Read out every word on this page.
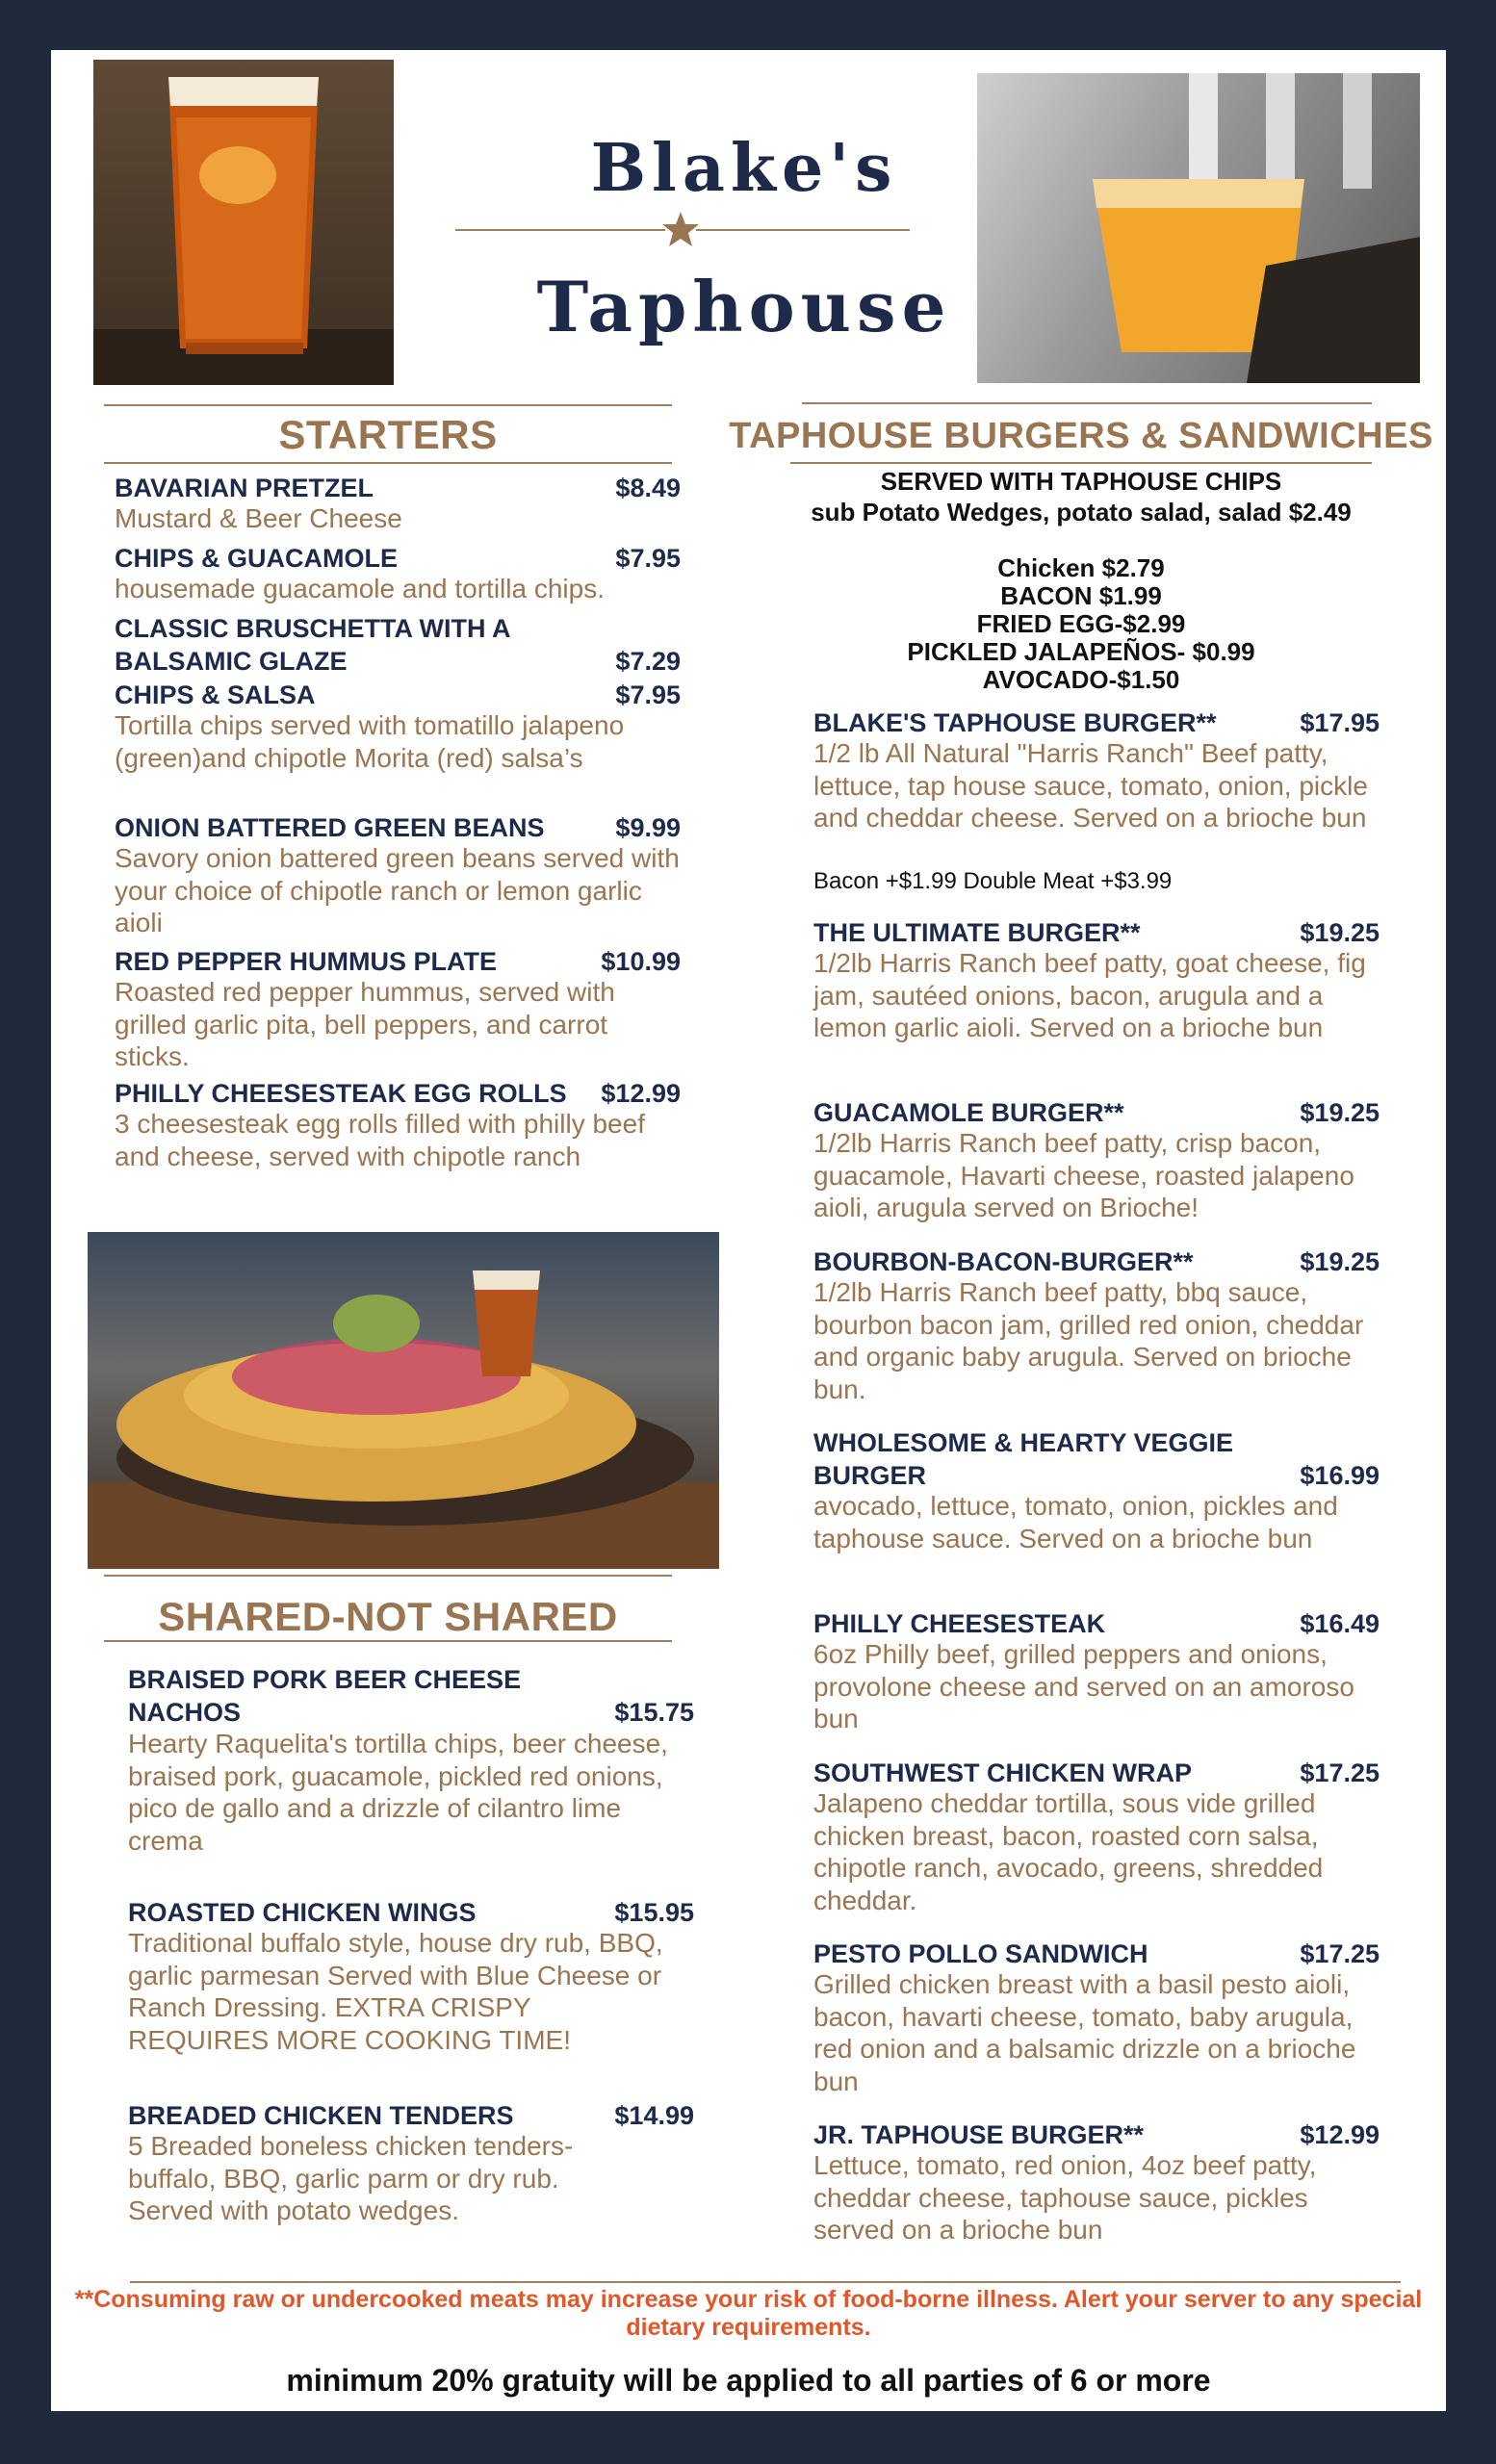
Blake's
Taphouse
STARTERS
BAVARIAN PRETZEL	$8.49
Mustard & Beer Cheese
CHIPS & GUACAMOLE	$7.95
housemade guacamole and tortilla chips.
CLASSIC BRUSCHETTA WITH A
BALSAMIC GLAZE	$7.29
CHIPS & SALSA	$7.95
Tortilla chips served with tomatillo jalapeno (green)and chipotle Morita (red) salsa’s
ONION BATTERED GREEN BEANS	$9.99
Savory onion battered green beans served with your choice of chipotle ranch or lemon garlic aioli
RED PEPPER HUMMUS PLATE	$10.99
Roasted red pepper hummus, served with grilled garlic pita, bell peppers, and carrot sticks.
PHILLY CHEESESTEAK EGG ROLLS	$12.99
3 cheesesteak egg rolls filled with philly beef and cheese, served with chipotle ranch
SHARED-NOT SHARED
BRAISED PORK BEER CHEESE
NACHOS	$15.75
Hearty Raquelita's tortilla chips, beer cheese, braised pork, guacamole, pickled red onions, pico de gallo and a drizzle of cilantro lime crema
ROASTED CHICKEN WINGS	$15.95
Traditional buffalo style, house dry rub, BBQ, garlic parmesan Served with Blue Cheese or Ranch Dressing. EXTRA CRISPY REQUIRES MORE COOKING TIME!
BREADED CHICKEN TENDERS	$14.99
5 Breaded boneless chicken tenders- buffalo, BBQ, garlic parm or dry rub. Served with potato wedges.
TAPHOUSE BURGERS & SANDWICHES
SERVED WITH TAPHOUSE CHIPS
sub Potato Wedges, potato salad, salad $2.49
Chicken $2.79
BACON $1.99
FRIED EGG-$2.99
PICKLED JALAPEÑOS- $0.99
AVOCADO-$1.50
BLAKE'S TAPHOUSE BURGER**	$17.95
1/2 lb All Natural "Harris Ranch" Beef patty, lettuce, tap house sauce, tomato, onion, pickle and cheddar cheese. Served on a brioche bun
Bacon +$1.99 Double Meat +$3.99
THE ULTIMATE BURGER**	$19.25
1/2lb Harris Ranch beef patty, goat cheese, fig jam, sautéed onions, bacon, arugula and a lemon garlic aioli. Served on a brioche bun
GUACAMOLE BURGER**	$19.25
1/2lb Harris Ranch beef patty, crisp bacon, guacamole, Havarti cheese, roasted jalapeno aioli, arugula served on Brioche!
BOURBON-BACON-BURGER**	$19.25
1/2lb Harris Ranch beef patty, bbq sauce, bourbon bacon jam, grilled red onion, cheddar and organic baby arugula. Served on brioche bun.
WHOLESOME & HEARTY VEGGIE
BURGER	$16.99
avocado, lettuce, tomato, onion, pickles and taphouse sauce. Served on a brioche bun
PHILLY CHEESESTEAK	$16.49
6oz Philly beef, grilled peppers and onions, provolone cheese and served on an amoroso bun
SOUTHWEST CHICKEN WRAP	$17.25
Jalapeno cheddar tortilla, sous vide grilled chicken breast, bacon, roasted corn salsa, chipotle ranch, avocado, greens, shredded cheddar.
PESTO POLLO SANDWICH	$17.25
Grilled chicken breast with a basil pesto aioli, bacon, havarti cheese, tomato, baby arugula, red onion and a balsamic drizzle on a brioche bun
JR. TAPHOUSE BURGER**	$12.99
Lettuce, tomato, red onion, 4oz beef patty, cheddar cheese, taphouse sauce, pickles served on a brioche bun
**Consuming raw or undercooked meats may increase your risk of food-borne illness. Alert your server to any special dietary requirements.
minimum 20% gratuity will be applied to all parties of 6 or more
